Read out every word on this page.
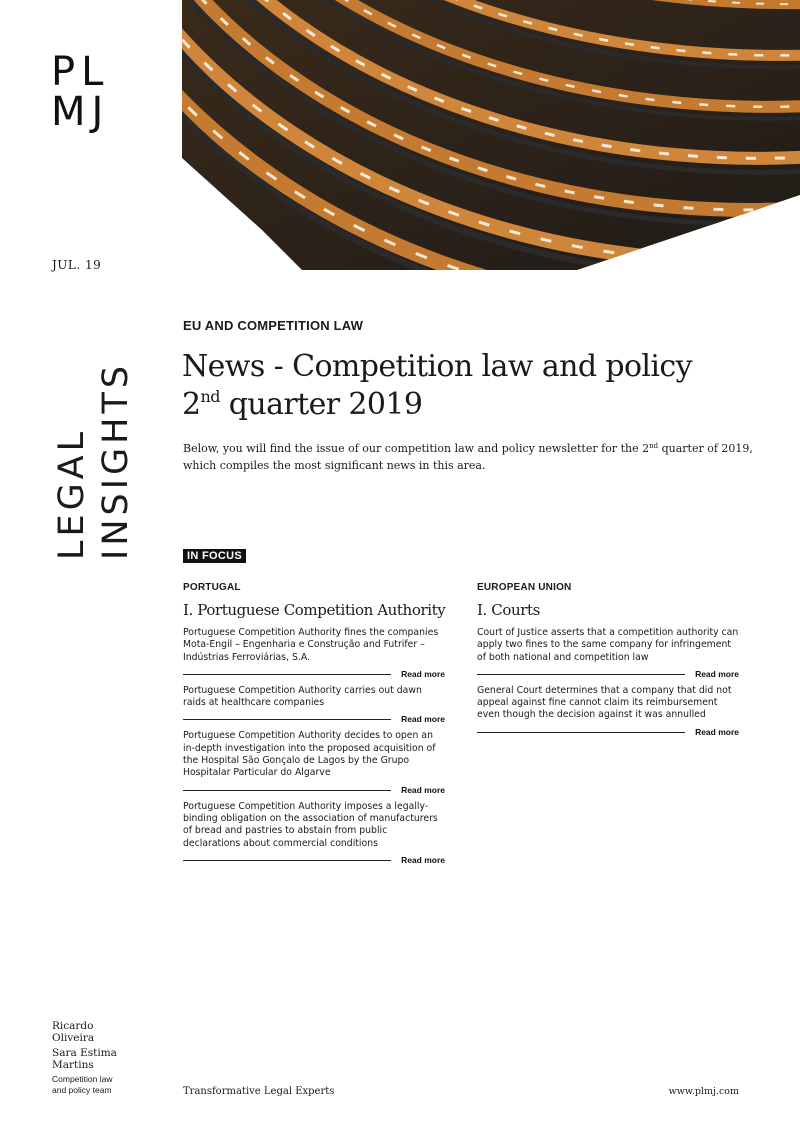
PL
MJ
JUL. 19
LEGAL INSIGHTS
EU AND COMPETITION LAW
News - Competition law and policy
2nd quarter 2019

Below, you will find the issue of our competition law and policy newsletter for the 2nd quarter of 2019, which compiles the most significant news in this area.

IN FOCUS
PORTUGAL
I. Portuguese Competition Authority
Portuguese Competition Authority fines the companies Mota-Engil – Engenharia e Construção and Futrifer – Indústrias Ferroviárias, S.A.
Read more
Portuguese Competition Authority carries out dawn raids at healthcare companies
Read more
Portuguese Competition Authority decides to open an in-depth investigation into the proposed acquisition of the Hospital São Gonçalo de Lagos by the Grupo Hospitalar Particular do Algarve
Read more
Portuguese Competition Authority imposes a legally-binding obligation on the association of manufacturers of bread and pastries to abstain from public declarations about commercial conditions
Read more
EUROPEAN UNION
I. Courts
Court of Justice asserts that a competition authority can apply two fines to the same company for infringement of both national and competition law
Read more
General Court determines that a company that did not appeal against fine cannot claim its reimbursement even though the decision against it was annulled
Read more
Ricardo
Oliveira
Sara Estima
Martins
Competition law
and policy team	Transformative Legal Experts	www.plmj.com
